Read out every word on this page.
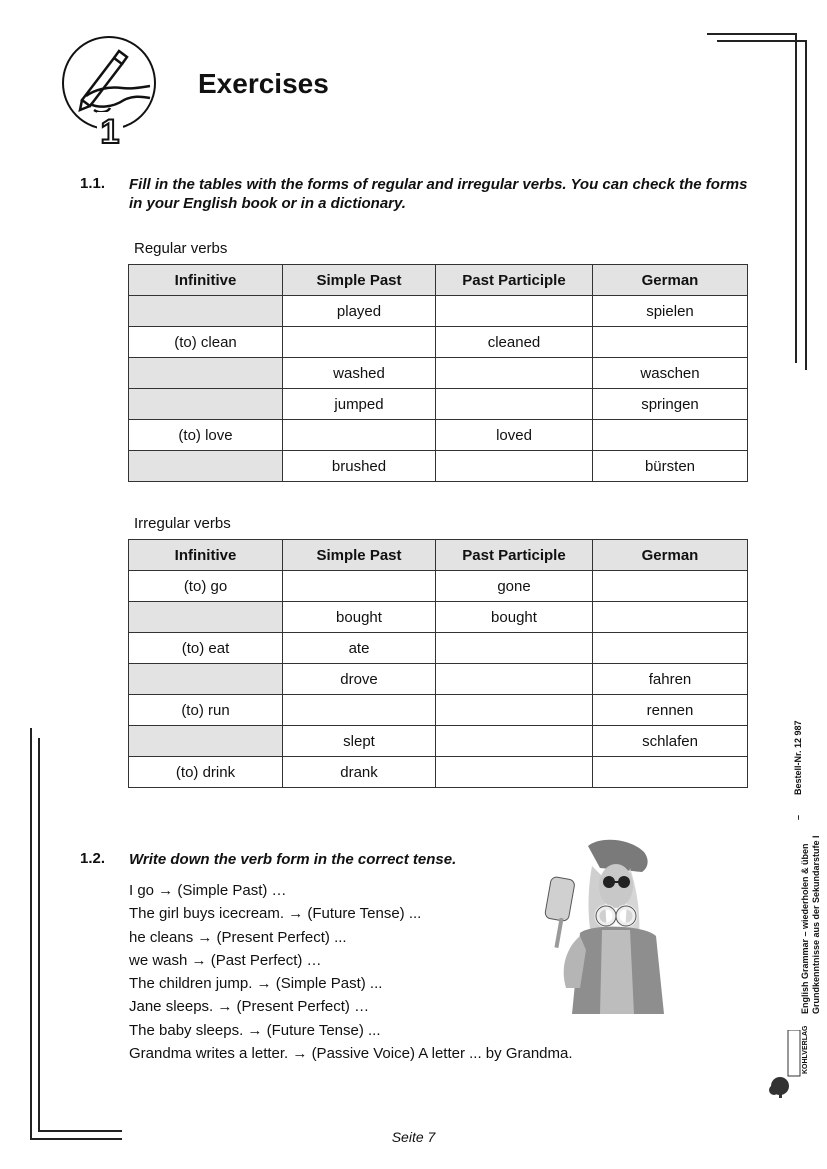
1
Exercises
1.1. Fill in the tables with the forms of regular and irregular verbs. You can check the forms in your English book or in a dictionary.
Regular verbs
Infinitive	Simple Past	Past Participle	German
	played		spielen
(to) clean		cleaned	
	washed		waschen
	jumped		springen
(to) love		loved	
	brushed		bürsten
Irregular verbs
Infinitive	Simple Past	Past Participle	German
(to) go		gone	
	bought	bought	
(to) eat	ate		
	drove		fahren
(to) run			rennen
	slept		schlafen
(to) drink	drank		
1.2. Write down the verb form in the correct tense.
I go → (Simple Past) …
The girl buys icecream. → (Future Tense) ...
he cleans → (Present Perfect) ...
we wash → (Past Perfect) …
The children jump. → (Simple Past) ...
Jane sleeps. → (Present Perfect) …
The baby sleeps. → (Future Tense) ...
Grandma writes a letter. → (Passive Voice) A letter ... by Grandma.
English Grammar – wiederholen & üben Grundkenntnisse aus der Sekundarstufe I
–
Bestell-Nr. 12 987
KOHLVERLAG
Seite 7
